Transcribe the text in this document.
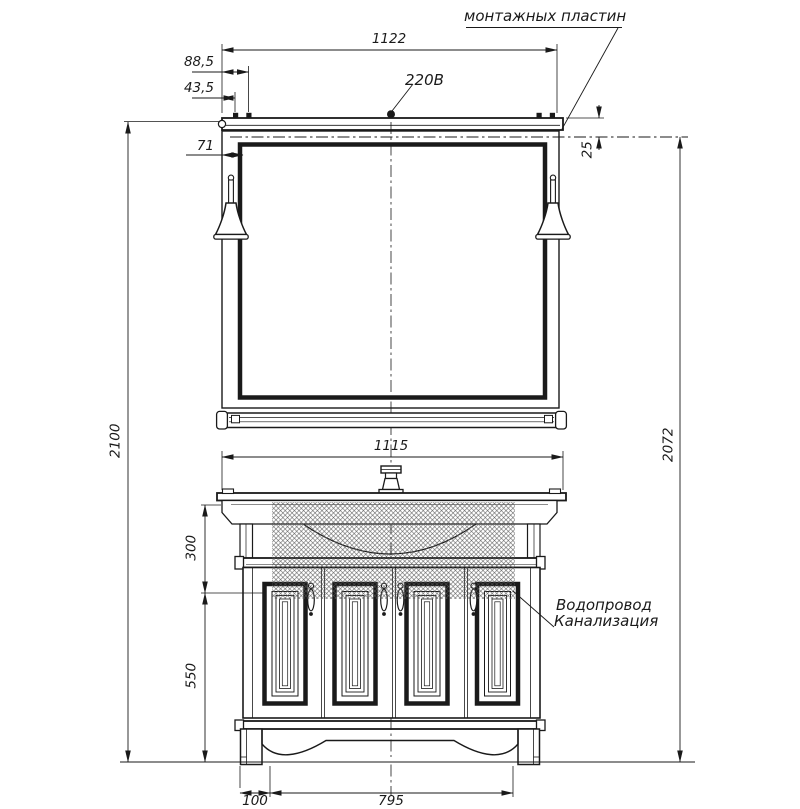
монтажных пластин
1122
88,5
220В
43,5
71	25
2100	2072
1115
300
Водопровод
Канализация
550
100	795
